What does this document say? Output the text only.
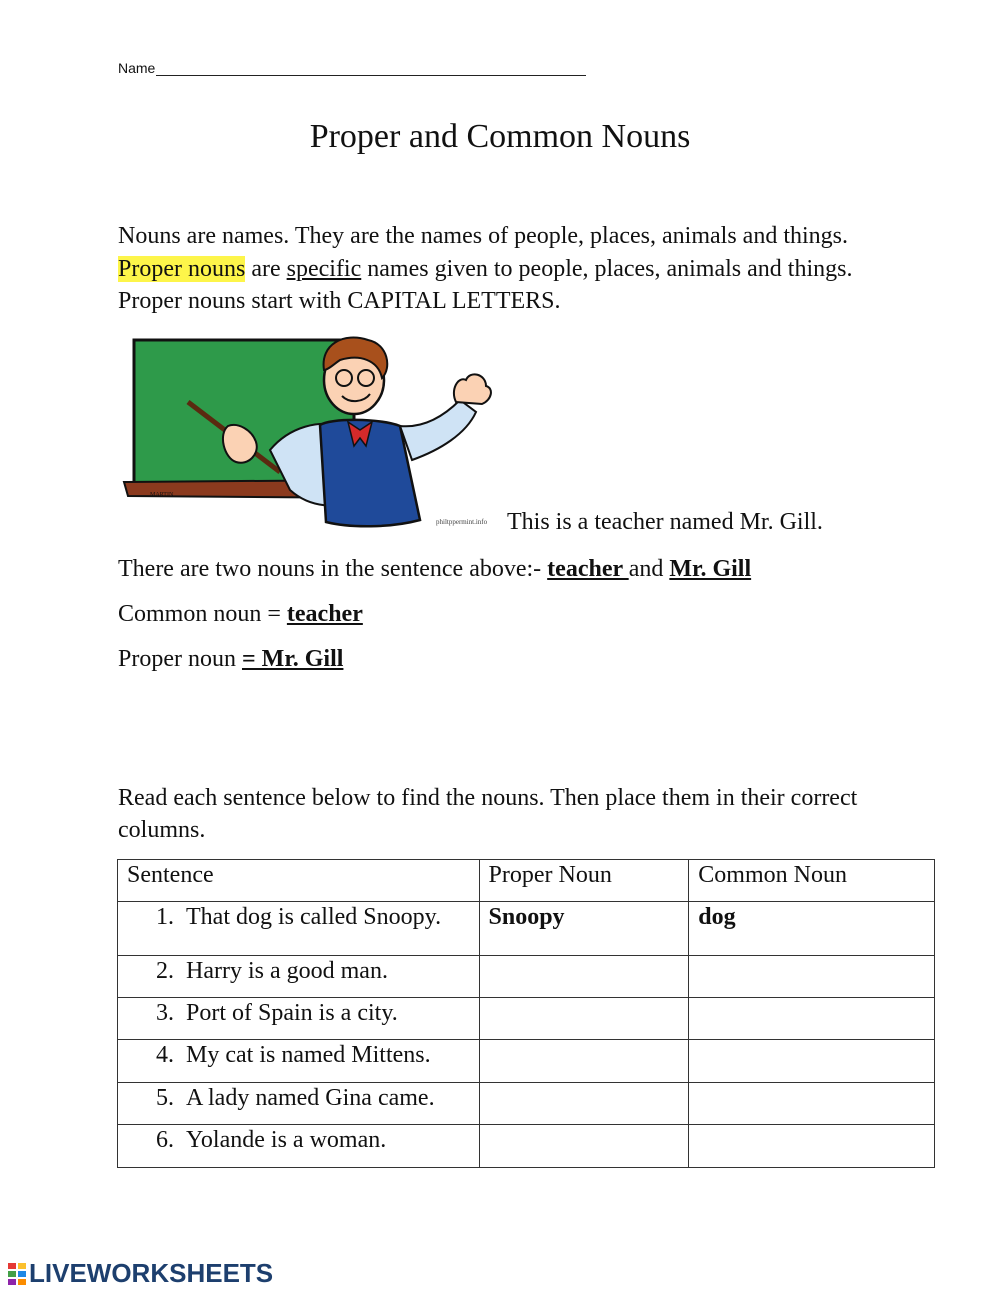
Name
Proper and Common Nouns
Nouns are names. They are the names of people, places, animals and things. Proper nouns are specific names given to people, places, animals and things. Proper nouns start with CAPITAL LETTERS.
MARTIN
philtppermint.info This is a teacher named Mr. Gill.
There are two nouns in the sentence above:- teacher and Mr. Gill
Common noun = teacher
Proper noun = Mr. Gill
Read each sentence below to find the nouns. Then place them in their correct columns.
Sentence	Proper Noun	Common Noun
1. That dog is called Snoopy.	Snoopy	dog
2. Harry is a good man.		
3. Port of Spain is a city.		
4. My cat is named Mittens.		
5. A lady named Gina came.		
6. Yolande is a woman.		
LIVEWORKSHEETS
